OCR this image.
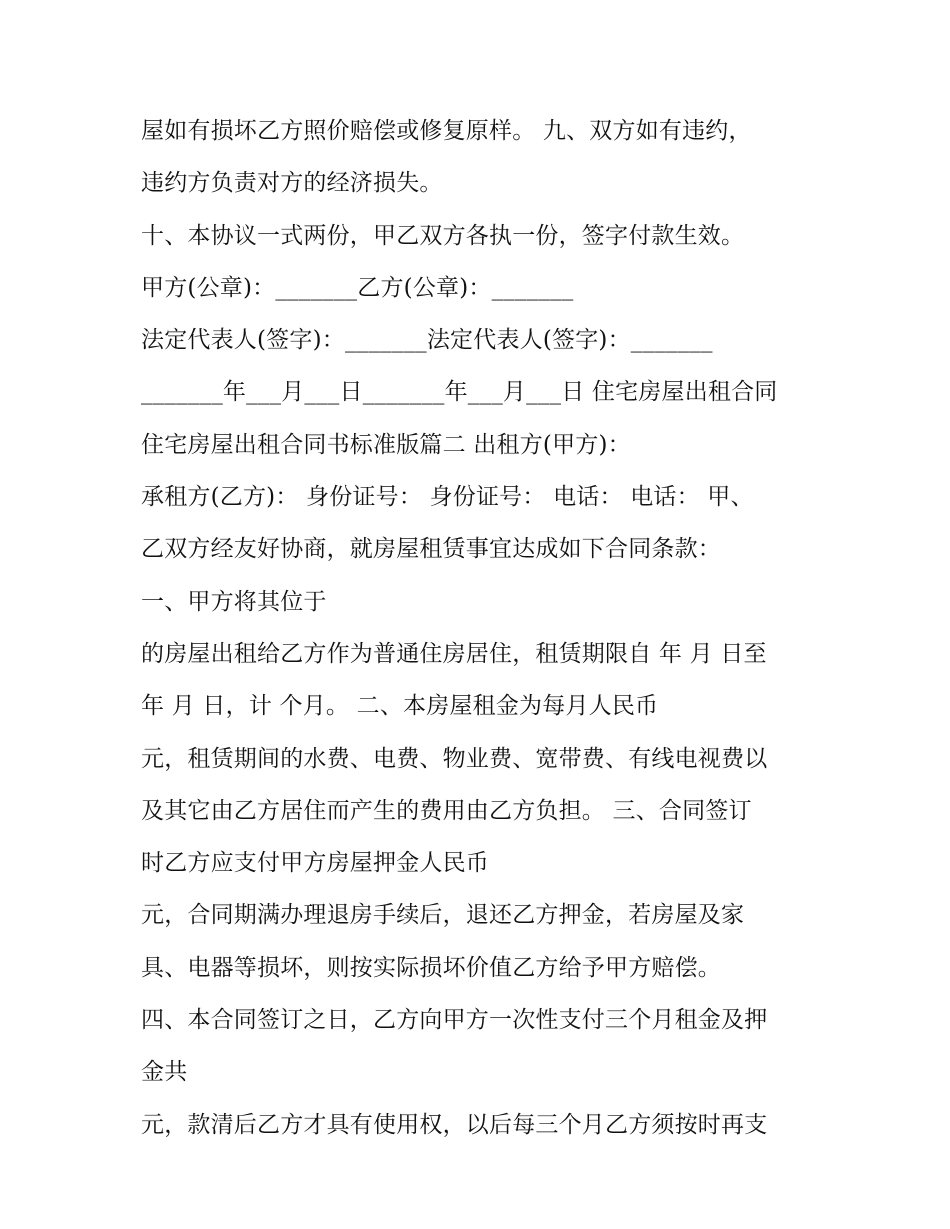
屋如有损坏乙方照价赔偿或修复原样。 九、双方如有违约，
违约方负责对方的经济损失。
十、本协议一式两份，甲乙双方各执一份，签字付款生效。
甲方(公章)：_______乙方(公章)：_______
法定代表人(签字)：_______法定代表人(签字)：_______
_______年___月___日_______年___月___日 住宅房屋出租合同
住宅房屋出租合同书标准版篇二 出租方(甲方)：
承租方(乙方)： 身份证号： 身份证号： 电话： 电话： 甲、
乙双方经友好协商，就房屋租赁事宜达成如下合同条款：
一、甲方将其位于
的房屋出租给乙方作为普通住房居住，租赁期限自 年 月 日至
年 月 日，计 个月。 二、本房屋租金为每月人民币
元，租赁期间的水费、电费、物业费、宽带费、有线电视费以
及其它由乙方居住而产生的费用由乙方负担。 三、合同签订
时乙方应支付甲方房屋押金人民币
元，合同期满办理退房手续后，退还乙方押金，若房屋及家
具、电器等损坏，则按实际损坏价值乙方给予甲方赔偿。
四、本合同签订之日，乙方向甲方一次性支付三个月租金及押
金共
元，款清后乙方才具有使用权，以后每三个月乙方须按时再支
